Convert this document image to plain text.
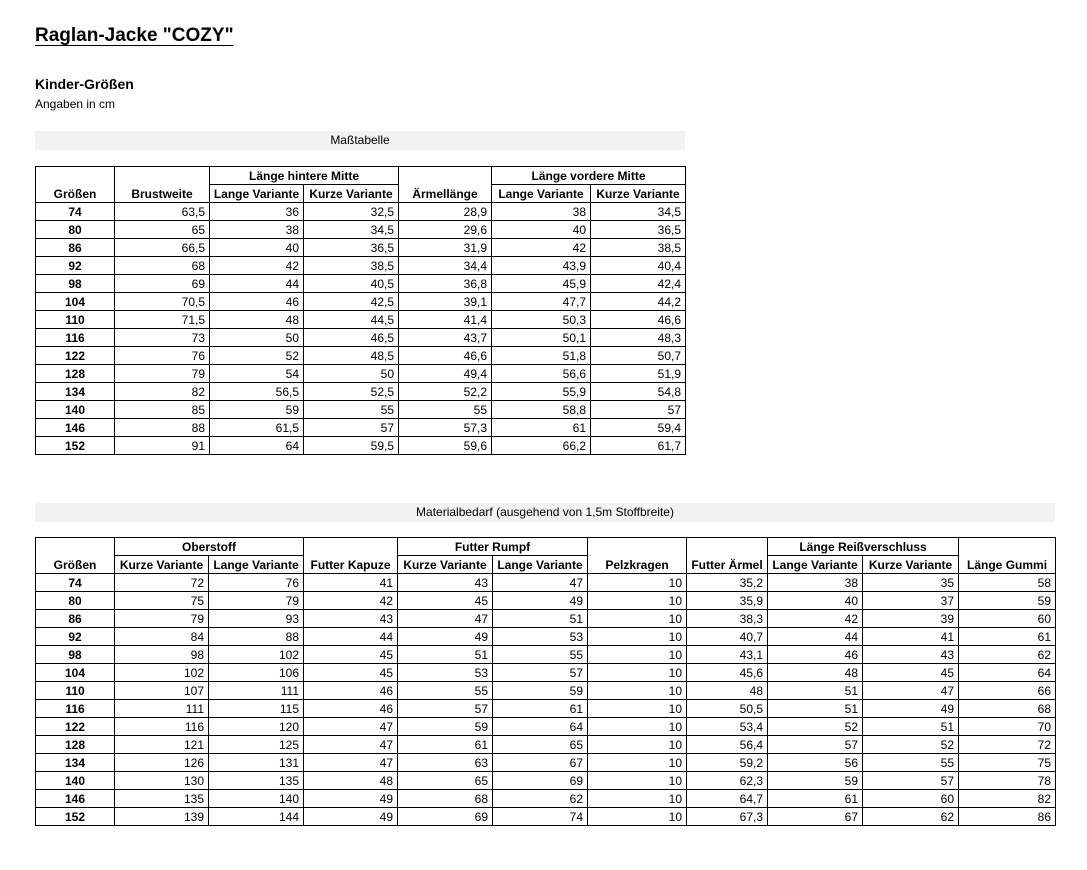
Raglan-Jacke "COZY"
Kinder-Größen
Angaben in cm
Maßtabelle
Größen	Brustweite	Länge hintere Mitte		Ärmellänge	Länge vordere Mitte	
		Lange Variante	Kurze Variante		Lange Variante	Kurze Variante
74	63,5	36	32,5	28,9	38	34,5
80	65	38	34,5	29,6	40	36,5
86	66,5	40	36,5	31,9	42	38,5
92	68	42	38,5	34,4	43,9	40,4
98	69	44	40,5	36,8	45,9	42,4
104	70,5	46	42,5	39,1	47,7	44,2
110	71,5	48	44,5	41,4	50,3	46,6
116	73	50	46,5	43,7	50,1	48,3
122	76	52	48,5	46,6	51,8	50,7
128	79	54	50	49,4	56,6	51,9
134	82	56,5	52,5	52,2	55,9	54,8
140	85	59	55	55	58,8	57
146	88	61,5	57	57,3	61	59,4
152	91	64	59,5	59,6	66,2	61,7
Materialbedarf (ausgehend von 1,5m Stoffbreite)
Größen	Oberstoff		Futter Kapuze	Futter Rumpf		Pelzkragen	Futter Ärmel	Länge Reißverschluss		Länge Gummi
	Kurze Variante	Lange Variante		Kurze Variante	Lange Variante			Lange Variante	Kurze Variante	
74	72	76	41	43	47	10	35,2	38	35	58
80	75	79	42	45	49	10	35,9	40	37	59
86	79	93	43	47	51	10	38,3	42	39	60
92	84	88	44	49	53	10	40,7	44	41	61
98	98	102	45	51	55	10	43,1	46	43	62
104	102	106	45	53	57	10	45,6	48	45	64
110	107	111	46	55	59	10	48	51	47	66
116	111	115	46	57	61	10	50,5	51	49	68
122	116	120	47	59	64	10	53,4	52	51	70
128	121	125	47	61	65	10	56,4	57	52	72
134	126	131	47	63	67	10	59,2	56	55	75
140	130	135	48	65	69	10	62,3	59	57	78
146	135	140	49	68	62	10	64,7	61	60	82
152	139	144	49	69	74	10	67,3	67	62	86
